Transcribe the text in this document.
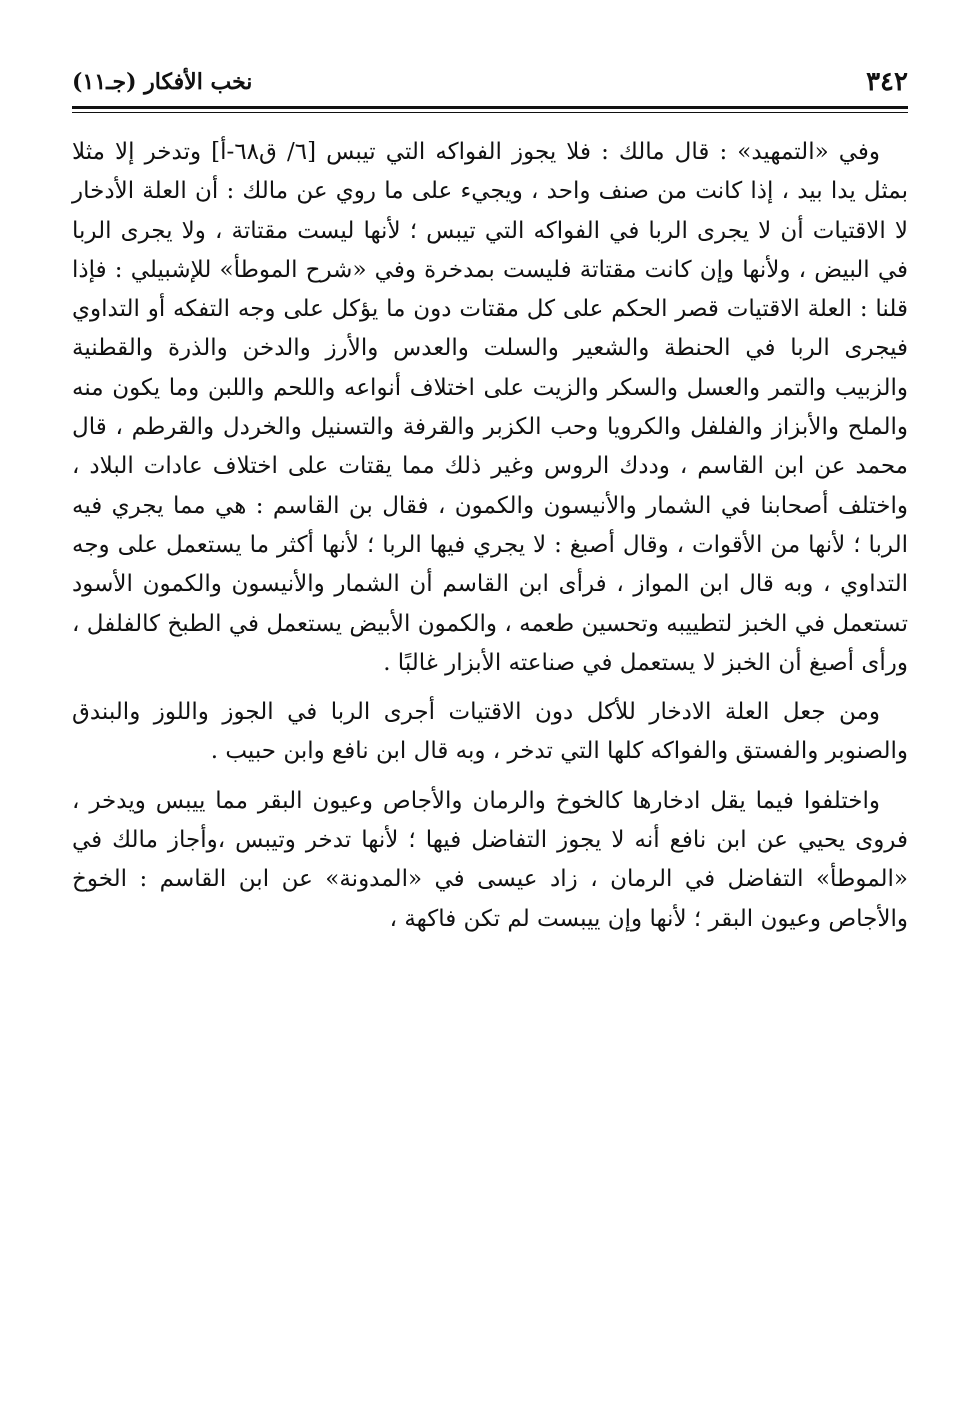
٣٤٢
نخب الأفكار (جـ١١)

وفي «التمهيد» : قال مالك : فلا يجوز الفواكه التي تيبس [٦/ ق٦٨-أ] وتدخر إلا مثلا بمثل يدا بيد ، إذا كانت من صنف واحد ، ويجيء على ما روي عن مالك : أن العلة الأدخار لا الاقتيات أن لا يجرى الربا في الفواكه التي تيبس ؛ لأنها ليست مقتاتة ، ولا يجرى الربا في البيض ، ولأنها وإن كانت مقتاتة فليست بمدخرة وفي «شرح الموطأ» للإشبيلي : فإذا قلنا : العلة الاقتيات قصر الحكم على كل مقتات دون ما يؤكل على وجه التفكه أو التداوي فيجرى الربا في الحنطة والشعير والسلت والعدس والأرز والدخن والذرة والقطنية والزبيب والتمر والعسل والسكر والزيت على اختلاف أنواعه واللحم واللبن وما يكون منه والملح والأبزاز والفلفل والكرويا وحب الكزبر والقرفة والتسنيل والخردل والقرطم ، قال محمد عن ابن القاسم ، وددك الروس وغير ذلك مما يقتات على اختلاف عادات البلاد ، واختلف أصحابنا في الشمار والأنيسون والكمون ، فقال بن القاسم : هي مما يجري فيه الربا ؛ لأنها من الأقوات ، وقال أصبغ : لا يجري فيها الربا ؛ لأنها أكثر ما يستعمل على وجه التداوي ، وبه قال ابن المواز ، فرأى ابن القاسم أن الشمار والأنيسون والكمون الأسود تستعمل في الخبز لتطييبه وتحسين طعمه ، والكمون الأبيض يستعمل في الطبخ كالفلفل ، ورأى أصبغ أن الخبز لا يستعمل في صناعته الأبزار غالبًا .

ومن جعل العلة الادخار للأكل دون الاقتيات أجرى الربا في الجوز واللوز والبندق والصنوبر والفستق والفواكه كلها التي تدخر ، وبه قال ابن نافع وابن حبيب .

واختلفوا فيما يقل ادخارها كالخوخ والرمان والأجاص وعيون البقر مما ييبس ويدخر ، فروى يحيي عن ابن نافع أنه لا يجوز التفاضل فيها ؛ لأنها تدخر وتيبس ،وأجاز مالك في «الموطأ» التفاضل في الرمان ، زاد عيسى في «المدونة» عن ابن القاسم : الخوخ والأجاص وعيون البقر ؛ لأنها وإن ييبست لم تكن فاكهة ،
